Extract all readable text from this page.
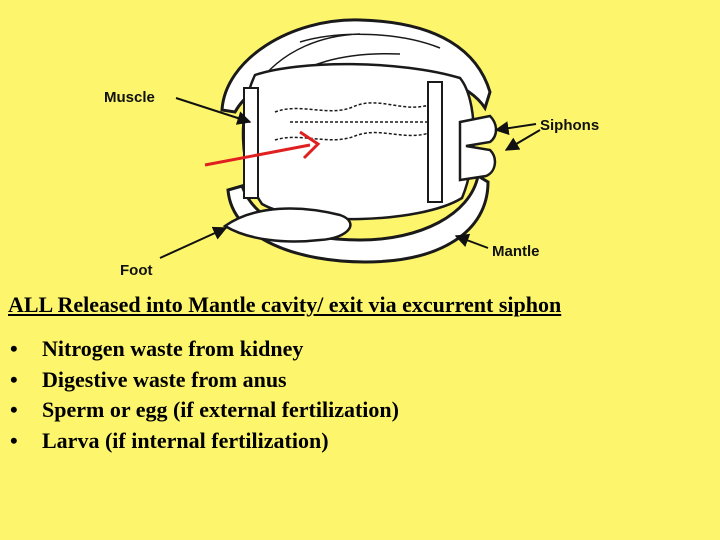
Muscle
Siphons
Mantle
Foot
ALL Released into Mantle cavity/ exit via excurrent siphon
• Nitrogen waste from kidney
• Digestive waste from anus
• Sperm or egg (if external fertilization)
• Larva (if internal fertilization)
